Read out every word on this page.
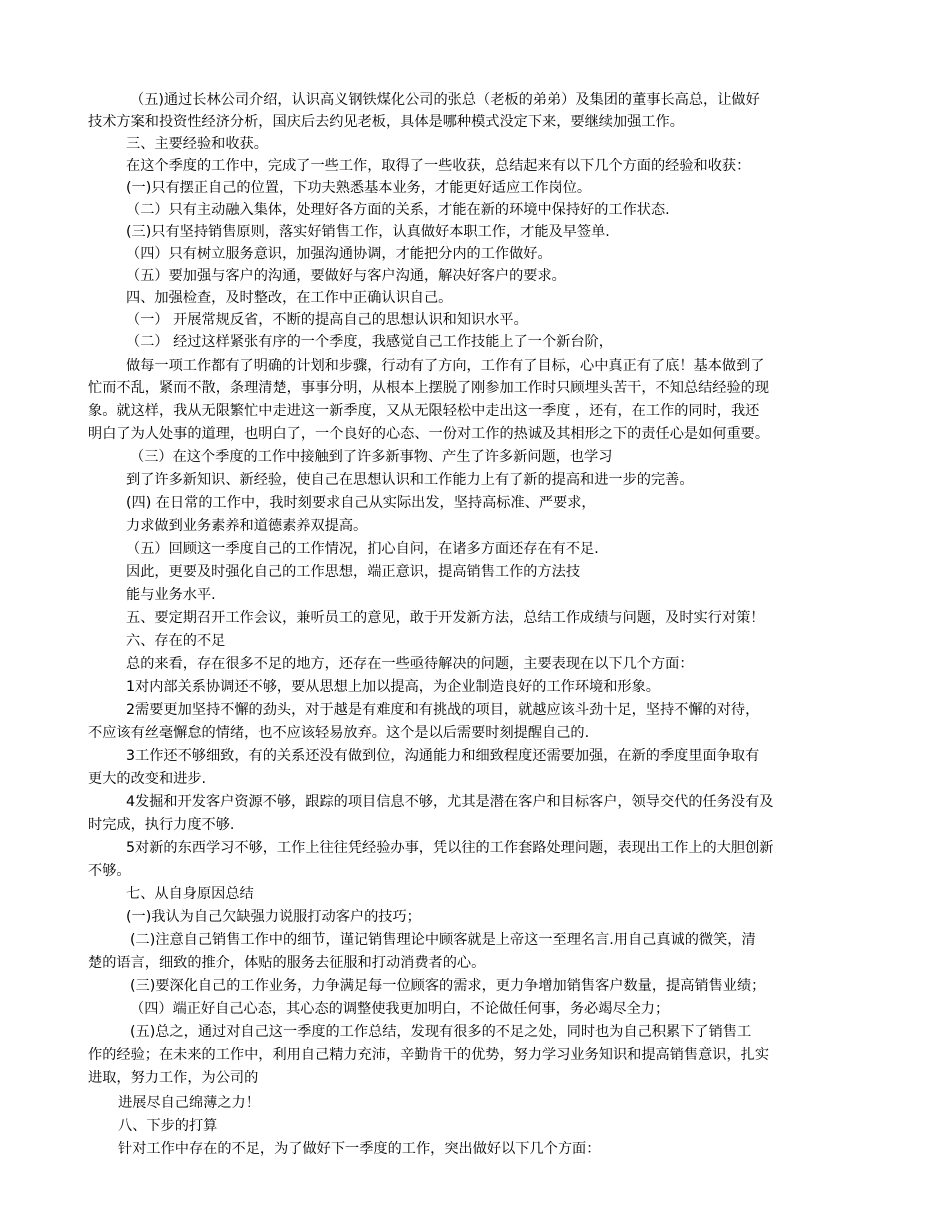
（五)通过长林公司介绍，认识高义钢铁煤化公司的张总（老板的弟弟）及集团的董事长高总，让做好

技术方案和投资性经济分析，国庆后去约见老板，具体是哪种模式没定下来，要继续加强工作。

三、主要经验和收获。

在这个季度的工作中，完成了一些工作，取得了一些收获，总结起来有以下几个方面的经验和收获：

(一)只有摆正自己的位置，下功夫熟悉基本业务，才能更好适应工作岗位。

（二）只有主动融入集体，处理好各方面的关系，才能在新的环境中保持好的工作状态.

(三)只有坚持销售原则，落实好销售工作，认真做好本职工作，才能及早签单.

（四）只有树立服务意识，加强沟通协调，才能把分内的工作做好。

（五）要加强与客户的沟通，要做好与客户沟通，解决好客户的要求。

四、加强检查，及时整改，在工作中正确认识自己。

（一） 开展常规反省，不断的提高自己的思想认识和知识水平。

（二） 经过这样紧张有序的一个季度，我感觉自己工作技能上了一个新台阶，

做每一项工作都有了明确的计划和步骤，行动有了方向，工作有了目标，心中真正有了底！基本做到了

忙而不乱，紧而不散，条理清楚，事事分明，从根本上摆脱了刚参加工作时只顾埋头苦干，不知总结经验的现

象。就这样，我从无限繁忙中走进这一新季度，又从无限轻松中走出这一季度 ，还有，在工作的同时，我还

明白了为人处事的道理，也明白了，一个良好的心态、一份对工作的热诚及其相形之下的责任心是如何重要。

（三）在这个季度的工作中接触到了许多新事物、产生了许多新问题，也学习

到了许多新知识、新经验，使自己在思想认识和工作能力上有了新的提高和进一步的完善。

(四) 在日常的工作中，我时刻要求自己从实际出发，坚持高标准、严要求，

力求做到业务素养和道德素养双提高。

（五）回顾这一季度自己的工作情况，扪心自问，在诸多方面还存在有不足.

因此，更要及时强化自己的工作思想，端正意识，提高销售工作的方法技

能与业务水平.

五、要定期召开工作会议，兼听员工的意见，敢于开发新方法，总结工作成绩与问题，及时实行对策！

六、存在的不足

总的来看，存在很多不足的地方，还存在一些亟待解决的问题，主要表现在以下几个方面：

1对内部关系协调还不够，要从思想上加以提高，为企业制造良好的工作环境和形象。

2需要更加坚持不懈的劲头，对于越是有难度和有挑战的项目，就越应该斗劲十足，坚持不懈的对待，

不应该有丝毫懈怠的情绪，也不应该轻易放弃。这个是以后需要时刻提醒自己的.

3工作还不够细致，有的关系还没有做到位，沟通能力和细致程度还需要加强，在新的季度里面争取有

更大的改变和进步.

4发掘和开发客户资源不够，跟踪的项目信息不够，尤其是潜在客户和目标客户，领导交代的任务没有及

时完成，执行力度不够.

5对新的东西学习不够，工作上往往凭经验办事，凭以往的工作套路处理问题，表现出工作上的大胆创新

不够。

七、从自身原因总结

(一)我认为自己欠缺强力说服打动客户的技巧；

(二)注意自己销售工作中的细节，谨记销售理论中顾客就是上帝这一至理名言.用自己真诚的微笑，清

楚的语言，细致的推介，体贴的服务去征服和打动消费者的心。

(三)要深化自己的工作业务，力争满足每一位顾客的需求，更力争增加销售客户数量，提高销售业绩；

（四）端正好自己心态，其心态的调整使我更加明白，不论做任何事，务必竭尽全力；

(五)总之，通过对自己这一季度的工作总结，发现有很多的不足之处，同时也为自己积累下了销售工

作的经验；在未来的工作中，利用自己精力充沛，辛勤肯干的优势，努力学习业务知识和提高销售意识，扎实

进取，努力工作，为公司的

进展尽自己绵薄之力！

八、下步的打算

针对工作中存在的不足，为了做好下一季度的工作，突出做好以下几个方面：
